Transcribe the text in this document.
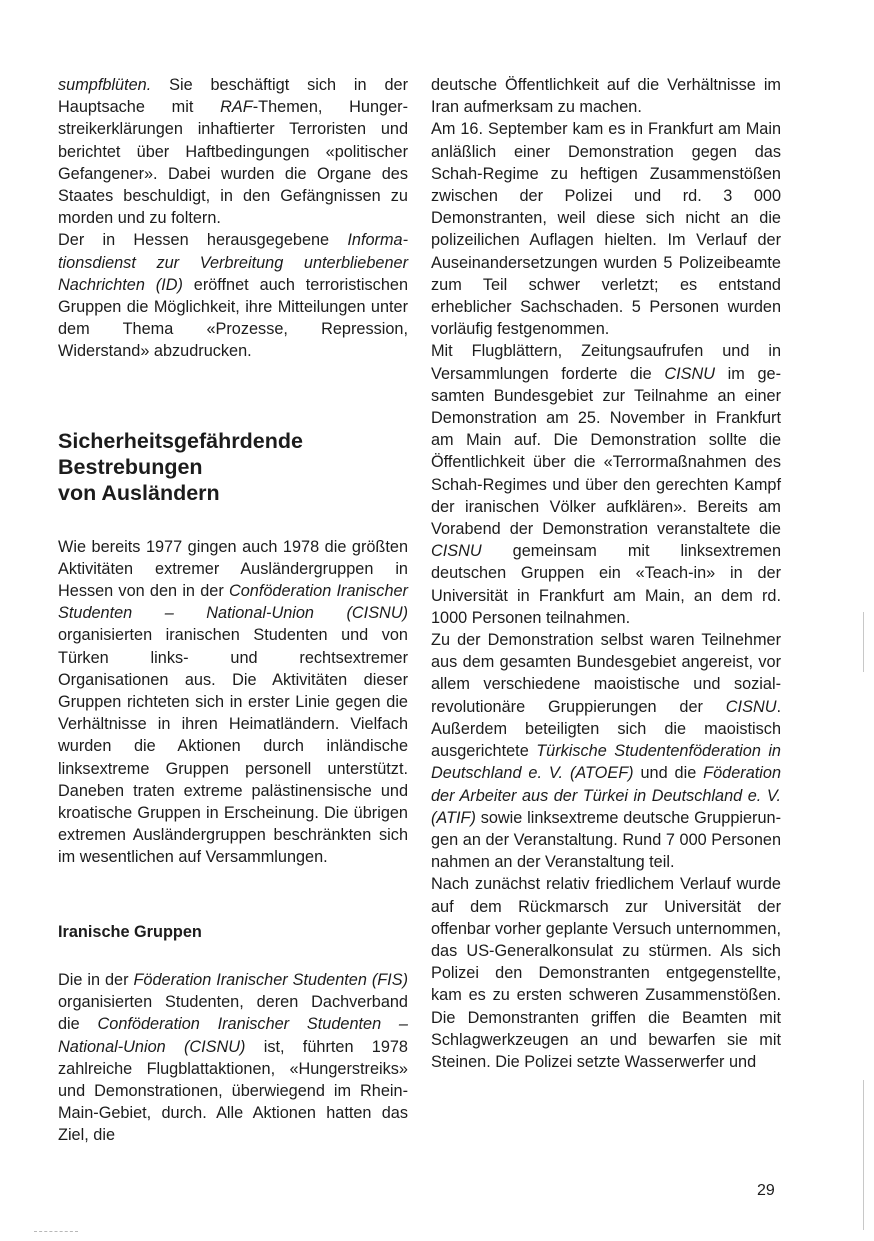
sumpfblüten. Sie beschäftigt sich in der Hauptsache mit RAF-Themen, Hungerstreikerklärungen inhaftierter Terroristen und berichtet über Haftbedingungen «politischer Gefangener». Dabei wurden die Organe des Staates beschuldigt, in den Gefängnissen zu morden und zu foltern.

Der in Hessen herausgegebene Informationsdienst zur Verbreitung unterbliebener Nachrichten (ID) eröffnet auch terroristischen Gruppen die Möglichkeit, ihre Mitteilungen unter dem Thema «Prozesse, Repression, Widerstand» abzudrucken.

Sicherheitsgefährdende
Bestrebungen
von Ausländern

Wie bereits 1977 gingen auch 1978 die größten Aktivitäten extremer Ausländergruppen in Hessen von den in der Conföderation Iranischer Studenten – National-Union (CISNU) organisierten iranischen Studenten und von Türken links- und rechtsextremer Organisationen aus. Die Aktivitäten dieser Gruppen richteten sich in erster Linie gegen die Verhältnisse in ihren Heimatländern. Vielfach wurden die Aktionen durch inländische linksextreme Gruppen personell unterstützt. Daneben traten extreme palästinensische und kroatische Gruppen in Erscheinung. Die übrigen extremen Ausländergruppen beschränkten sich im wesentlichen auf Versammlungen.

Iranische Gruppen

Die in der Föderation Iranischer Studenten (FIS) organisierten Studenten, deren Dachverband die Conföderation Iranischer Studenten – National-Union (CISNU) ist, führten 1978 zahlreiche Flugblattaktionen, «Hungerstreiks» und Demonstrationen, überwiegend im Rhein-Main-Gebiet, durch. Alle Aktionen hatten das Ziel, die

deutsche Öffentlichkeit auf die Verhältnisse im Iran aufmerksam zu machen.

Am 16. September kam es in Frankfurt am Main anläßlich einer Demonstration gegen das Schah-Regime zu heftigen Zusammenstößen zwischen der Polizei und rd. 3 000 Demonstranten, weil diese sich nicht an die polizeilichen Auflagen hielten. Im Verlauf der Auseinandersetzungen wurden 5 Polizeibeamte zum Teil schwer verletzt; es entstand erheblicher Sachschaden. 5 Personen wurden vorläufig festgenommen.

Mit Flugblättern, Zeitungsaufrufen und in Versammlungen forderte die CISNU im gesamten Bundesgebiet zur Teilnahme an einer Demonstration am 25. November in Frankfurt am Main auf. Die Demonstration sollte die Öffentlichkeit über die «Terrormaßnahmen des Schah-Regimes und über den gerechten Kampf der iranischen Völker aufklären». Bereits am Vorabend der Demonstration veranstaltete die CISNU gemeinsam mit linksextremen deutschen Gruppen ein «Teach-in» in der Universität in Frankfurt am Main, an dem rd. 1000 Personen teilnahmen.

Zu der Demonstration selbst waren Teilnehmer aus dem gesamten Bundesgebiet angereist, vor allem verschiedene maoistische und sozial-revolutionäre Gruppierungen der CISNU. Außerdem beteiligten sich die maoistisch ausgerichtete Türkische Studentenföderation in Deutschland e. V. (ATOEF) und die Föderation der Arbeiter aus der Türkei in Deutschland e. V. (ATIF) sowie linksextreme deutsche Gruppierungen an der Veranstaltung. Rund 7 000 Personen nahmen an der Veranstaltung teil.

Nach zunächst relativ friedlichem Verlauf wurde auf dem Rückmarsch zur Universität der offenbar vorher geplante Versuch unternommen, das US-Generalkonsulat zu stürmen. Als sich Polizei den Demonstranten entgegenstellte, kam es zu ersten schweren Zusammenstößen. Die Demonstranten griffen die Beamten mit Schlagwerkzeugen an und bewarfen sie mit Steinen. Die Polizei setzte Wasserwerfer und

29
